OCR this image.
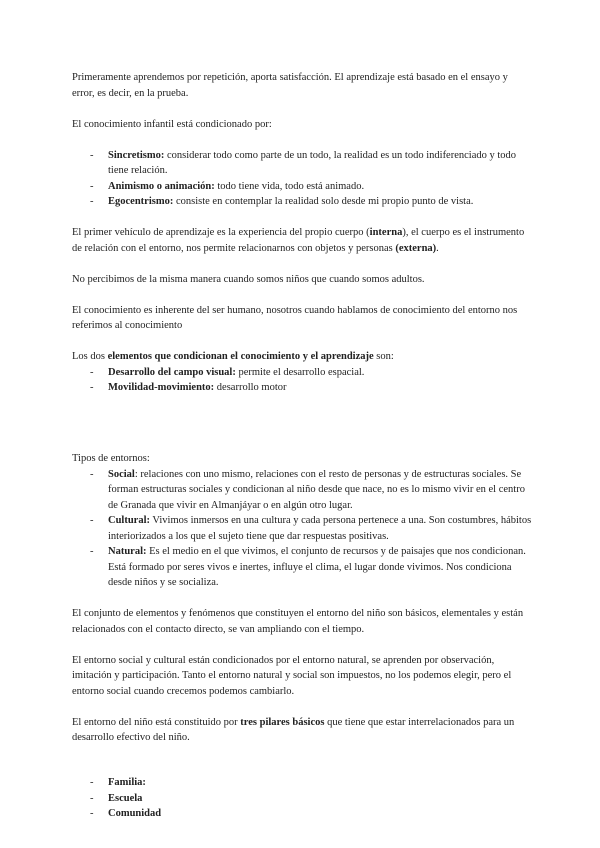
Primeramente aprendemos por repetición, aporta satisfacción. El aprendizaje está basado en el ensayo y error, es decir, en la prueba.

El conocimiento infantil está condicionado por:

- Sincretismo: considerar todo como parte de un todo, la realidad es un todo indiferenciado y todo tiene relación.
- Animismo o animación: todo tiene vida, todo está animado.
- Egocentrismo: consiste en contemplar la realidad solo desde mi propio punto de vista.

El primer vehículo de aprendizaje es la experiencia del propio cuerpo (interna), el cuerpo es el instrumento de relación con el entorno, nos permite relacionarnos con objetos y personas (externa).

No percibimos de la misma manera cuando somos niños que cuando somos adultos.

El conocimiento es inherente del ser humano, nosotros cuando hablamos de conocimiento del entorno nos referimos al conocimiento

Los dos elementos que condicionan el conocimiento y el aprendizaje son:

- Desarrollo del campo visual: permite el desarrollo espacial.
- Movilidad-movimiento: desarrollo motor

Tipos de entornos:

- Social: relaciones con uno mismo, relaciones con el resto de personas y de estructuras sociales. Se forman estructuras sociales y condicionan al niño desde que nace, no es lo mismo vivir en el centro de Granada que vivir en Almanjáyar o en algún otro lugar.
- Cultural: Vivimos inmersos en una cultura y cada persona pertenece a una. Son costumbres, hábitos interiorizados a los que el sujeto tiene que dar respuestas positivas.
- Natural: Es el medio en el que vivimos, el conjunto de recursos y de paisajes que nos condicionan. Está formado por seres vivos e inertes, influye el clima, el lugar donde vivimos. Nos condiciona desde niños y se socializa.

El conjunto de elementos y fenómenos que constituyen el entorno del niño son básicos, elementales y están relacionados con el contacto directo, se van ampliando con el tiempo.

El entorno social y cultural están condicionados por el entorno natural, se aprenden por observación, imitación y participación. Tanto el entorno natural y social son impuestos, no los podemos elegir, pero el entorno social cuando crecemos podemos cambiarlo.

El entorno del niño está constituido por tres pilares básicos que tiene que estar interrelacionados para un desarrollo efectivo del niño.

- Familia:
- Escuela
- Comunidad
